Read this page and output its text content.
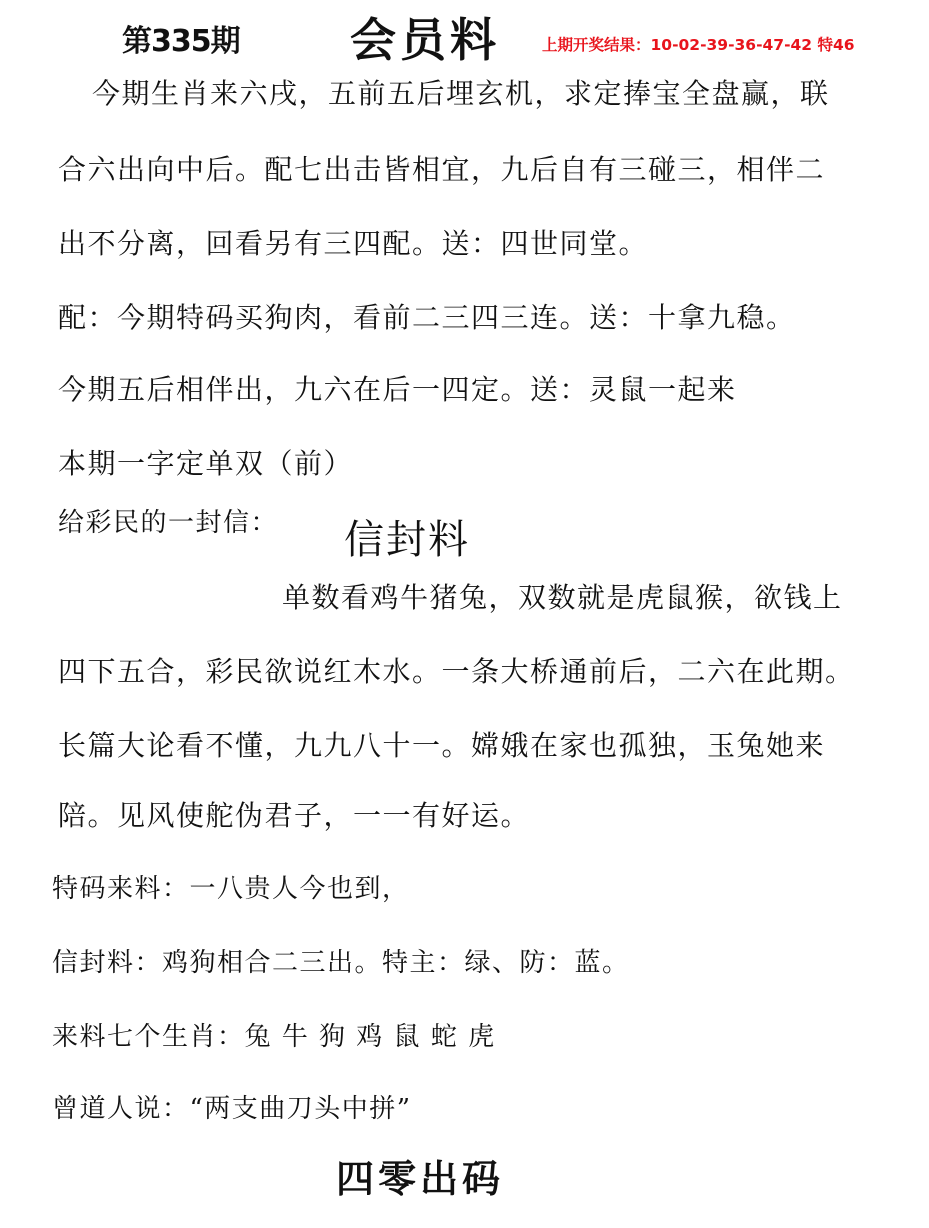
第335期 会员料	上期开奖结果：10-02-39-36-47-42 特46
今期生肖来六戌，五前五后埋玄机，求定捧宝全盘赢，联
合六出向中后。配七出击皆相宜，九后自有三碰三，相伴二
出不分离，回看另有三四配。送：四世同堂。
配：今期特码买狗肉，看前二三四三连。送：十拿九稳。
今期五后相伴出，九六在后一四定。送：灵鼠一起来
本期一字定单双（前）
给彩民的一封信： 信封料
单数看鸡牛猪兔，双数就是虎鼠猴，欲钱上
四下五合，彩民欲说红木水。一条大桥通前后，二六在此期。
长篇大论看不懂，九九八十一。嫦娥在家也孤独，玉兔她来
陪。见风使舵伪君子，一一有好运。
特码来料：一八贵人今也到，
信封料：鸡狗相合二三出。特主：绿、防：蓝。
来料七个生肖：兔 牛 狗 鸡 鼠 蛇 虎
曾道人说：“两支曲刀头中拼”
四零出码
